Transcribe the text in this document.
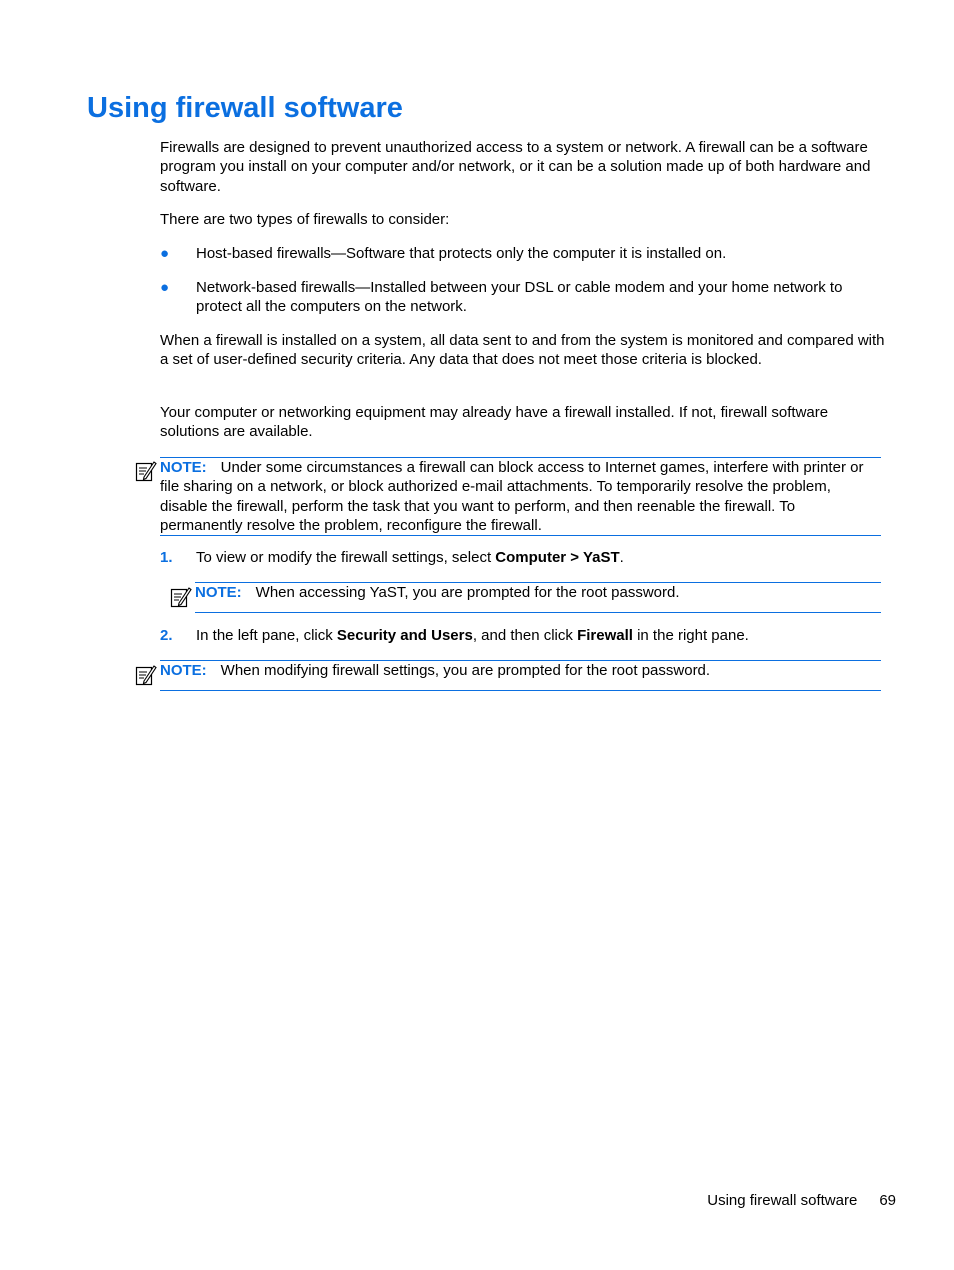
Using firewall software

Firewalls are designed to prevent unauthorized access to a system or network. A firewall can be a software program you install on your computer and/or network, or it can be a solution made up of both hardware and software.

There are two types of firewalls to consider:

● Host-based firewalls—Software that protects only the computer it is installed on.

● Network-based firewalls—Installed between your DSL or cable modem and your home network to protect all the computers on the network.

When a firewall is installed on a system, all data sent to and from the system is monitored and compared with a set of user-defined security criteria. Any data that does not meet those criteria is blocked.

Your computer or networking equipment may already have a firewall installed. If not, firewall software solutions are available.

NOTE: Under some circumstances a firewall can block access to Internet games, interfere with printer or file sharing on a network, or block authorized e-mail attachments. To temporarily resolve the problem, disable the firewall, perform the task that you want to perform, and then reenable the firewall. To permanently resolve the problem, reconfigure the firewall.

1. To view or modify the firewall settings, select Computer > YaST.

NOTE: When accessing YaST, you are prompted for the root password.

2. In the left pane, click Security and Users, and then click Firewall in the right pane.

NOTE: When modifying firewall settings, you are prompted for the root password.

Using firewall software 69
